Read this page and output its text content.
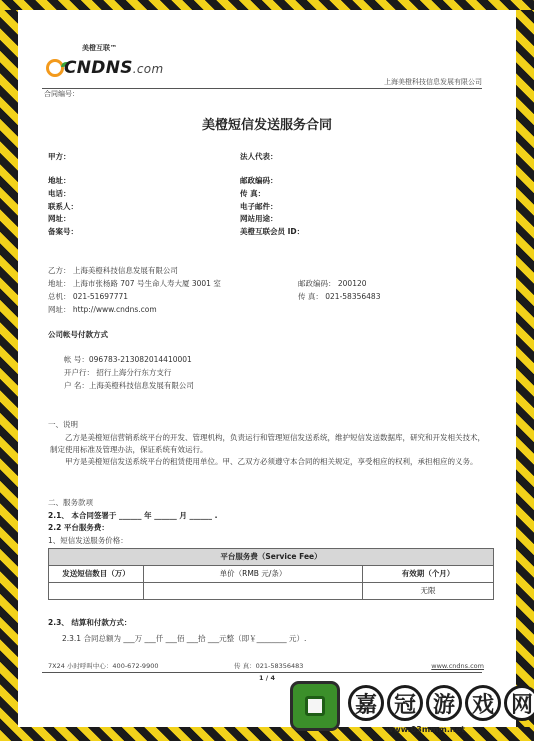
美橙互联™
CNDNS.com
上海美橙科技信息发展有限公司
合同编号：
美橙短信发送服务合同
甲方：
地址：
电话：
联系人：
网址：
备案号：
法人代表：
邮政编码：
传 真：
电子邮件：
网站用途：
美橙互联会员 ID：
乙方： 上海美橙科技信息发展有限公司
地址： 上海市张杨路 707 号生命人寿大厦 3001 室	邮政编码： 200120
总机： 021-51697771	传 真： 021-58356483
网址： http://www.cndns.com
公司帐号付款方式
帐 号：096783-213082014410001
开户行： 招行上海分行东方支行
户 名：上海美橙科技信息发展有限公司
一、说明
乙方是美橙短信营销系统平台的开发、管理机构，负责运行和管理短信发送系统，维护短信发送数据库，研究和开发相关技术，制定使用标准及管理办法，保证系统有效运行。
甲方是美橙短信发送系统平台的租赁使用单位。甲、乙双方必须遵守本合同的相关规定，享受相应的权利，承担相应的义务。
二、服务款项
2.1、 本合同签署于 ______ 年 ______ 月 ______ .
2.2 平台服务费：
1、短信发送服务价格：
平台服务费（Service Fee）		
发送短信数目（万）	单价（RMB 元/条）	有效期（个月）
		无限
2.3、 结算和付款方式：
2.3.1 合同总额为 ___万 ___仟 ___佰 ___拾 ___元整（即￥________ 元）.
7X24 小时呼叫中心：400-672-9900	传 真：021-58356483	www.cndns.com
1 / 4
嘉 冠 游 戏 网
www.03mmm.net
